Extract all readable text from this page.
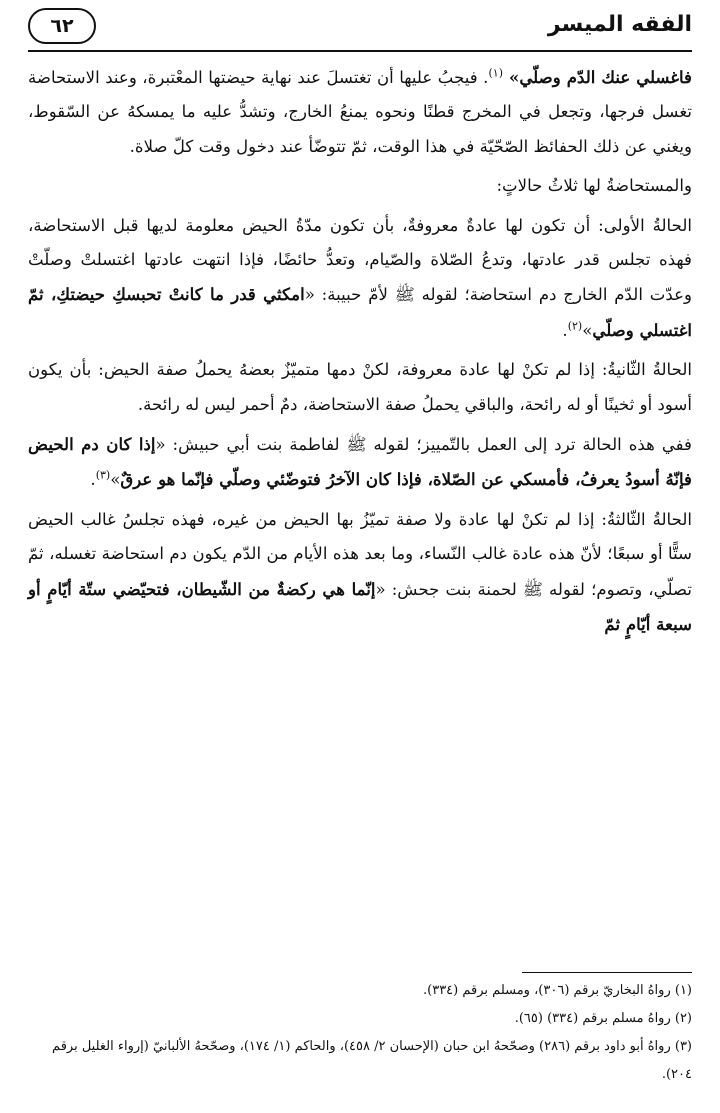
الفقه الميسر
٦٢

فاغسلي عنك الدّم وصلّي» $^{(١)}$. فيجبُ عليها أن تغتسلَ عند نهاية حيضتها المعْتبرة، وعند الاستحاضة تغسل فرجها، وتجعل في المخرج قطنًا ونحوه يمنعُ الخارج، وتشدُّ عليه ما يمسكهُ عن السّقوط، ويغني عن ذلك الحفائظ الصّحّيّة في هذا الوقت، ثمّ تتوضّأ عند دخول وقت كلّ صلاة.

والمستحاضةُ لها ثلاثُ حالاتٍ:

الحالةُ الأولى: أن تكون لها عادةٌ معروفةٌ، بأن تكون مدّةُ الحيض معلومة لديها قبل الاستحاضة، فهذه تجلس قدر عادتها، وتدعُ الصّلاة والصّيام، وتعدُّ حائضًا، فإذا انتهت عادتها اغتسلتْ وصلّتْ وعدّت الدّم الخارج دم استحاضة؛ لقوله ﷺ لأمّ حبيبة: «امكثي قدر ما كانتْ تحبسكِ حيضتكِ، ثمّ اغتسلي وصلّي»$^{(٢)}$.

الحالةُ الثّانيةُ: إذا لم تكنْ لها عادة معروفة، لكنْ دمها متميّزٌ بعضهُ يحملُ صفة الحيض: بأن يكون أسود أو ثخينًا أو له رائحة، والباقي يحملُ صفة الاستحاضة، دمٌ أحمر ليس له رائحة.

ففي هذه الحالة ترد إلى العمل بالتّمييز؛ لقوله ﷺ لفاطمة بنت أبي حبيش: «إذا كان دم الحيض فإنّهُ أسودُ يعرفُ، فأمسكي عن الصّلاة، فإذا كان الآخرُ فتوضّئي وصلّي فإنّما هو عرقٌ»$^{(٣)}$.

الحالةُ الثّالثةُ: إذا لم تكنْ لها عادة ولا صفة تميّزُ بها الحيض من غيره، فهذه تجلسُ غالب الحيض ستًّا أو سبعًا؛ لأنّ هذه عادة غالب النّساء، وما بعد هذه الأيام من الدّم يكون دم استحاضة تغسله، ثمّ تصلّي، وتصوم؛ لقوله ﷺ لحمنة بنت جحش: «إنّما هي ركضةٌ من الشّيطان، فتحيّضي ستّة أيّامٍ أو سبعة أيّامٍ ثمّ

(١) رواهُ البخاريّ برقم (٣٠٦)، ومسلم برقم (٣٣٤).

(٢) رواهُ مسلم برقم (٣٣٤) (٦٥).

(٣) رواهُ أبو داود برقم (٢٨٦) وصحّحهُ ابن حبان (الإحسان ٢/ ٤٥٨)، والحاكم (١/ ١٧٤)، وصحّحهُ الألبانيّ (إرواء الغليل برقم ٢٠٤).
